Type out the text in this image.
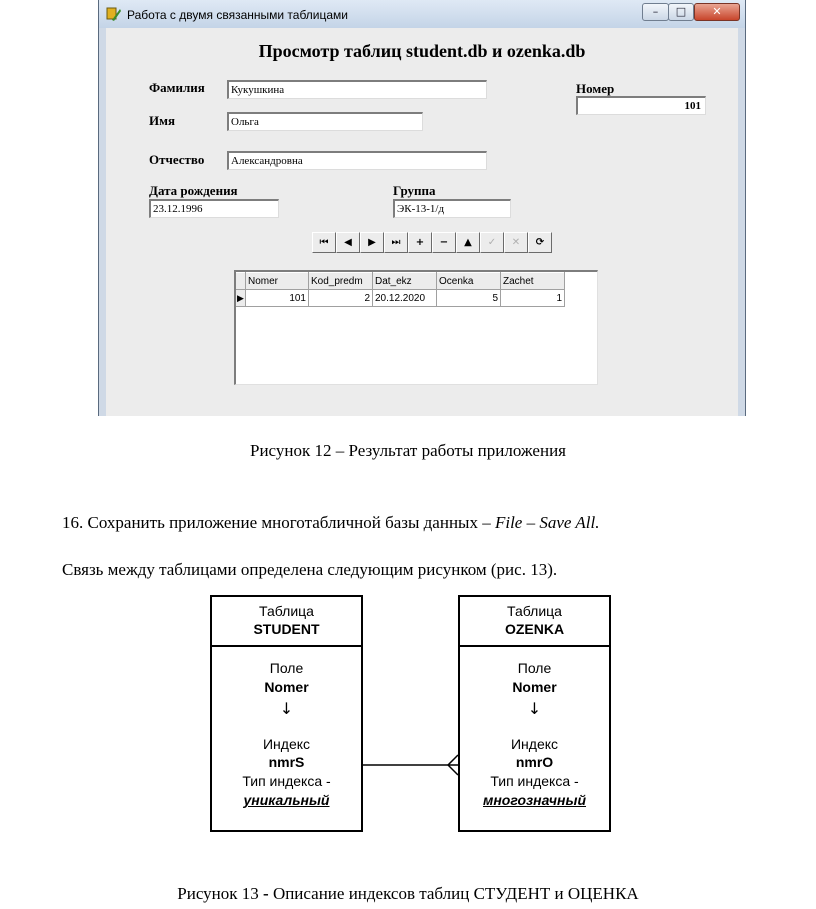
Работа с двумя связанными таблицами	–	□	✕
Просмотр таблиц student.db и ozenka.db
Фамилия	Кукушкина
Имя	Ольга
Отчество	Александровна
Дата рождения
23.12.1996
Группа
ЭК-13-1/д
Номер
101
⏮	◀	▶	⏭	+	−	▲	✓	✕	⟳
	Nomer	Kod_predm	Dat_ekz	Ocenka	Zachet
▶	101	2	20.12.2020	5	1
Рисунок 12 – Результат работы приложения
16. Сохранить приложение многотабличной базы данных – File – Save All.
Связь между таблицами определена следующим рисунком (рис. 13).
Таблица
STUDENT
Поле
Nomer
↓
Индекс
nmrS
Тип индекса -
уникальный
Таблица
OZENKA
Поле
Nomer
↓
Индекс
nmrO
Тип индекса -
многозначный
Рисунок 13 - Описание индексов таблиц СТУДЕНТ и ОЦЕНКА
